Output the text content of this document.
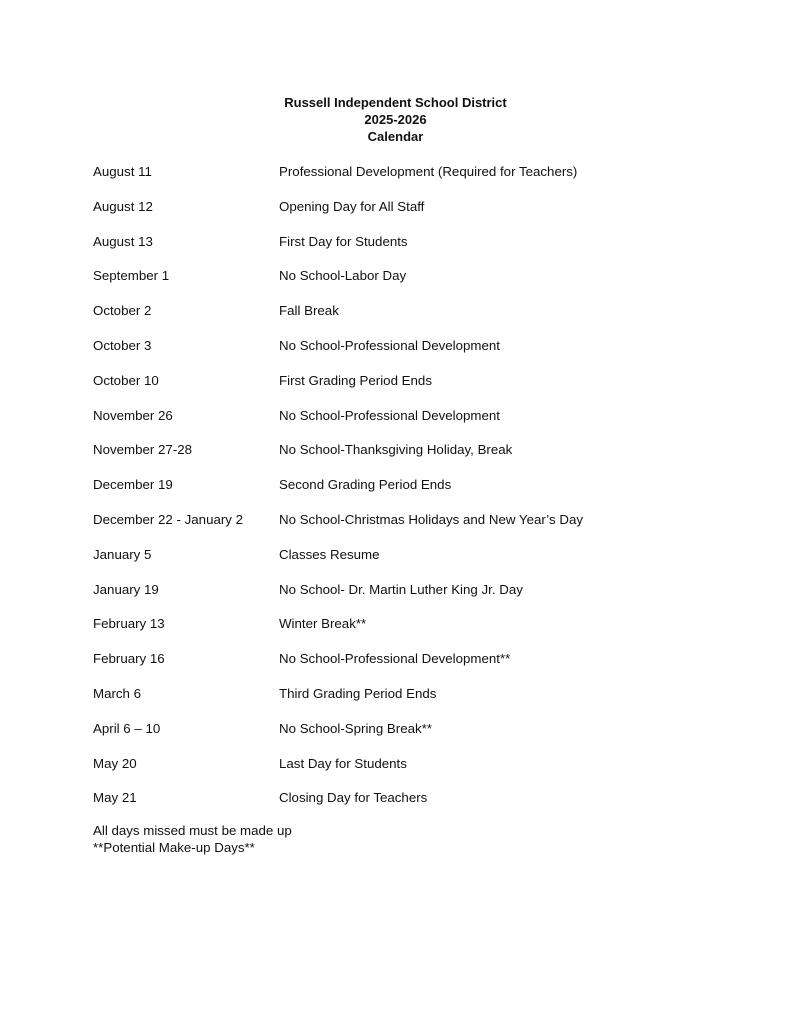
Russell Independent School District
2025-2026
Calendar
August 11	Professional Development (Required for Teachers)
August 12	Opening Day for All Staff
August 13	First Day for Students
September 1	No School-Labor Day
October 2	Fall Break
October 3	No School-Professional Development
October 10	First Grading Period Ends
November 26	No School-Professional Development
November 27-28	No School-Thanksgiving Holiday, Break
December 19	Second Grading Period Ends
December 22 - January 2	No School-Christmas Holidays and New Year’s Day
January 5	Classes Resume
January 19	No School- Dr. Martin Luther King Jr. Day
February 13	Winter Break**
February 16	No School-Professional Development**
March 6	Third Grading Period Ends
April 6 – 10	No School-Spring Break**
May 20	Last Day for Students
May 21	Closing Day for Teachers
All days missed must be made up
**Potential Make-up Days**
